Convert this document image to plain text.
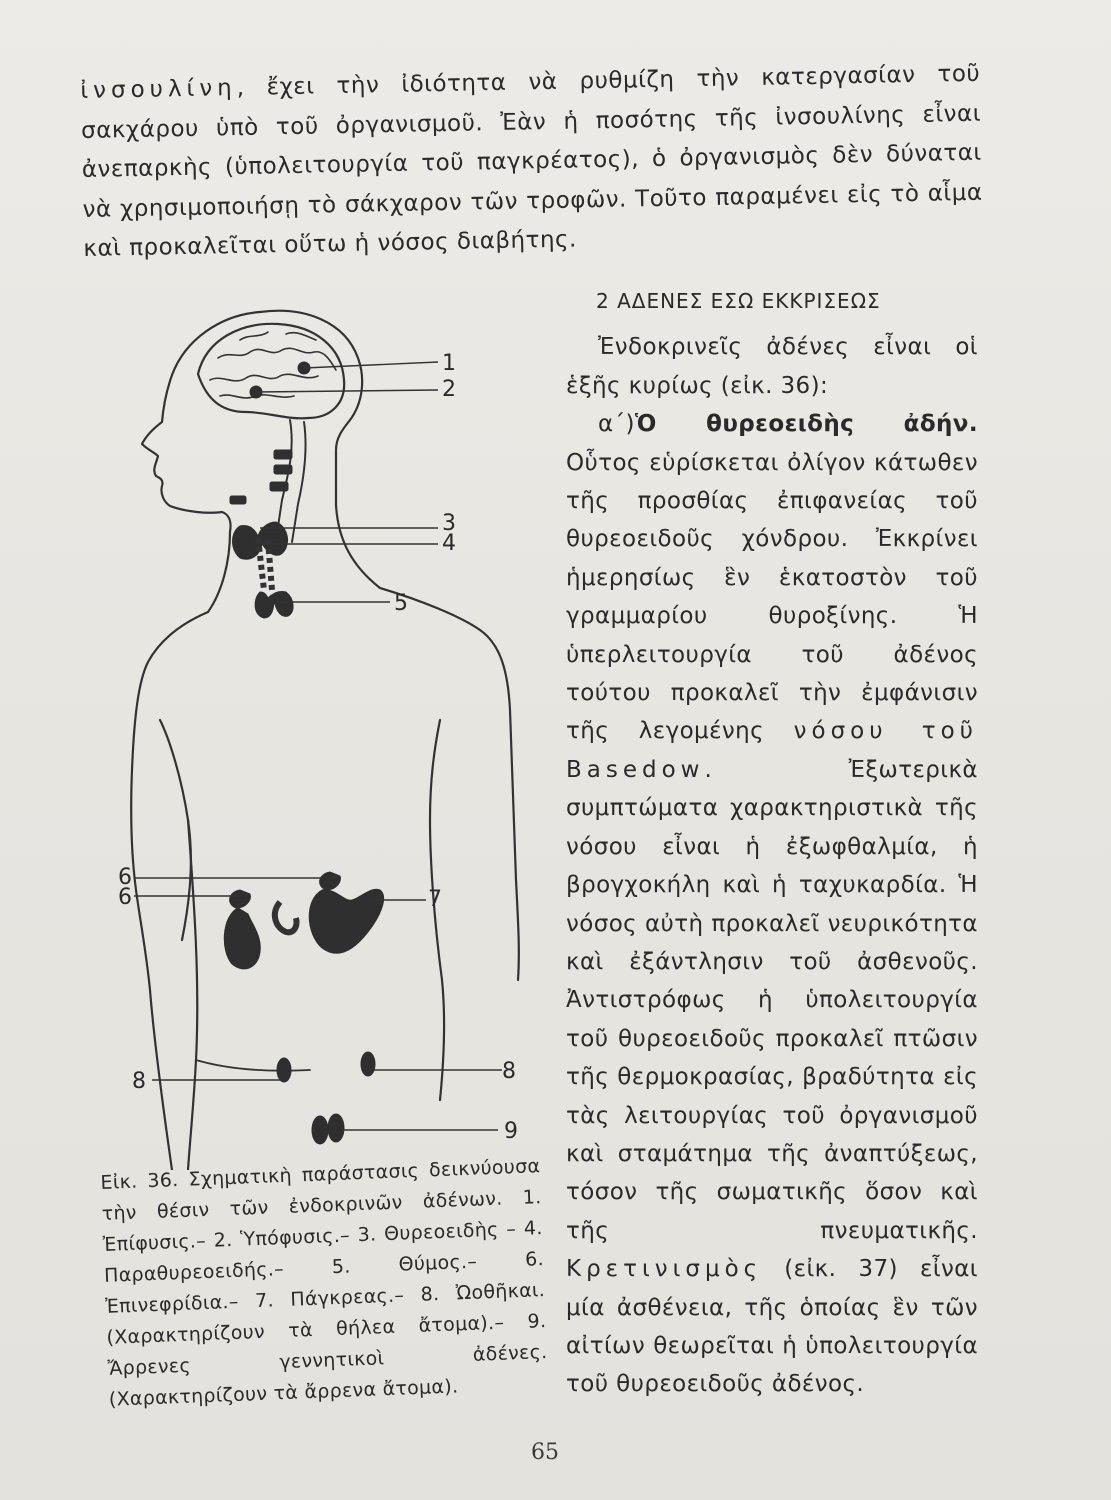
ἰνσουλίνη, ἔχει τὴν ἰδιότητα νὰ ρυθμίζη τὴν κατεργασίαν τοῦ σακχάρου ὑπὸ τοῦ ὀργανισμοῦ. Ἐὰν ἡ ποσότης τῆς ἰνσουλίνης εἶναι ἀνεπαρκὴς (ὑπολειτουργία τοῦ παγκρέατος), ὁ ὀργανισμὸς δὲν δύναται νὰ χρησιμοποιήσῃ τὸ σάκχαρον τῶν τροφῶν. Τοῦτο παραμένει εἰς τὸ αἷμα καὶ προκαλεῖται οὕτω ἡ νόσος διαβήτης.

1
2
3
4
5
6
6	7
8	8
9

2 ΑΔΕΝΕΣ ΕΣΩ ΕΚΚΡΙΣΕΩΣ

Ἐνδοκρινεῖς ἀδένες εἶναι οἱ ἑξῆς κυρίως (εἰκ. 36):

α΄)Ὁ θυρεοειδὴς ἀδήν. Οὗτος εὑρίσκεται ὀλίγον κάτωθεν τῆς προσθίας ἐπιφανείας τοῦ θυρεοειδοῦς χόνδρου. Ἐκκρίνει ἡμερησίως ἓν ἑκατοστὸν τοῦ γραμμαρίου θυροξίνης. Ἡ ὑπερλειτουργία τοῦ ἀδένος τούτου προκαλεῖ τὴν ἐμφάνισιν τῆς λεγομένης νόσου τοῦ Basedow. Ἐξωτερικὰ συμπτώματα χαρακτηριστικὰ τῆς νόσου εἶναι ἡ ἐξωφθαλμία, ἡ βρογχοκήλη καὶ ἡ ταχυκαρδία. Ἡ νόσος αὐτὴ προκαλεῖ νευρικότητα καὶ ἐξάντλησιν τοῦ ἀσθενοῦς. Ἀντιστρόφως ἡ ὑπολειτουργία τοῦ θυρεοειδοῦς προκαλεῖ πτῶσιν τῆς θερμοκρασίας, βραδύτητα εἰς τὰς λειτουργίας τοῦ ὀργανισμοῦ καὶ σταμάτημα τῆς ἀναπτύξεως, τόσον τῆς σωματικῆς ὅσον καὶ τῆς πνευματικῆς. Κρετινισμὸς (εἰκ. 37) εἶναι μία ἀσθένεια, τῆς ὁποίας ἓν τῶν αἰτίων θεωρεῖται ἡ ὑπολειτουργία τοῦ θυρεοειδοῦς ἀδένος.

Εἰκ. 36. Σχηματικὴ παράστασις δεικνύουσα τὴν θέσιν τῶν ἐνδοκρινῶν ἀδένων. 1. Ἐπίφυσις.– 2. Ὑπόφυσις.– 3. Θυρεοειδὴς – 4. Παραθυρεοειδής.– 5. Θύμος.– 6. Ἐπινεφρίδια.– 7. Πάγκρεας.– 8. Ὠοθῆκαι. (Χαρακτηρίζουν τὰ θήλεα ἄτομα).– 9. Ἄρρενες γεννητικοὶ ἀδένες. (Χαρακτηρίζουν τὰ ἄρρενα ἄτομα).

65
